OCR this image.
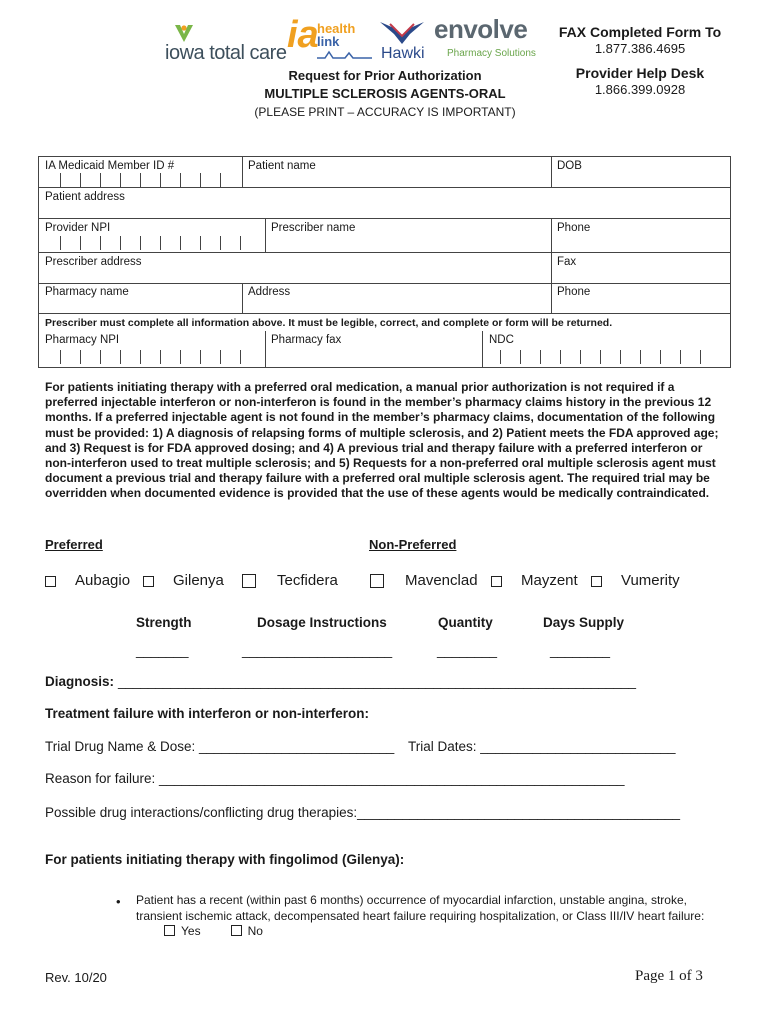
iowa total care ia
health
link
Hawki
envolve
Pharmacy Solutions
FAX Completed Form To
1.877.386.4695
Provider Help Desk
1.866.399.0928
Request for Prior Authorization
MULTIPLE SCLEROSIS AGENTS-ORAL
(PLEASE PRINT – ACCURACY IS IMPORTANT)
IA Medicaid Member ID #	Patient name	DOB
Patient address
Provider NPI	Prescriber name	Phone
Prescriber address	Fax
Pharmacy name	Address	Phone
Prescriber must complete all information above. It must be legible, correct, and complete or form will be returned.
Pharmacy NPI	Pharmacy fax	NDC
For patients initiating therapy with a preferred oral medication, a manual prior authorization is not required if a preferred injectable interferon or non-interferon is found in the member’s pharmacy claims history in the previous 12 months. If a preferred injectable agent is not found in the member’s pharmacy claims, documentation of the following must be provided: 1) A diagnosis of relapsing forms of multiple sclerosis, and 2) Patient meets the FDA approved age; and 3) Request is for FDA approved dosing; and 4) A previous trial and therapy failure with a preferred interferon or non-interferon used to treat multiple sclerosis; and 5) Requests for a non-preferred oral multiple sclerosis agent must document a previous trial and therapy failure with a preferred oral multiple sclerosis agent. The required trial may be overridden when documented evidence is provided that the use of these agents would be medically contraindicated.
Preferred	Non-Preferred
Aubagio	Gilenya	Tecfidera	Mavenclad	Mayzent	Vumerity
Strength	Dosage Instructions	Quantity	Days Supply
_______	____________________	________	________
Diagnosis: _____________________________________________________________________
Treatment failure with interferon or non-interferon:
Trial Drug Name & Dose: __________________________ Trial Dates: __________________________
Reason for failure: ______________________________________________________________
Possible drug interactions/conflicting drug therapies:___________________________________________
For patients initiating therapy with fingolimod (Gilenya):
• Patient has a recent (within past 6 months) occurrence of myocardial infarction, unstable angina, stroke, transient ischemic attack, decompensated heart failure requiring hospitalization, or Class III/IV heart failure: Yes	No
Rev. 10/20	Page 1 of 3
